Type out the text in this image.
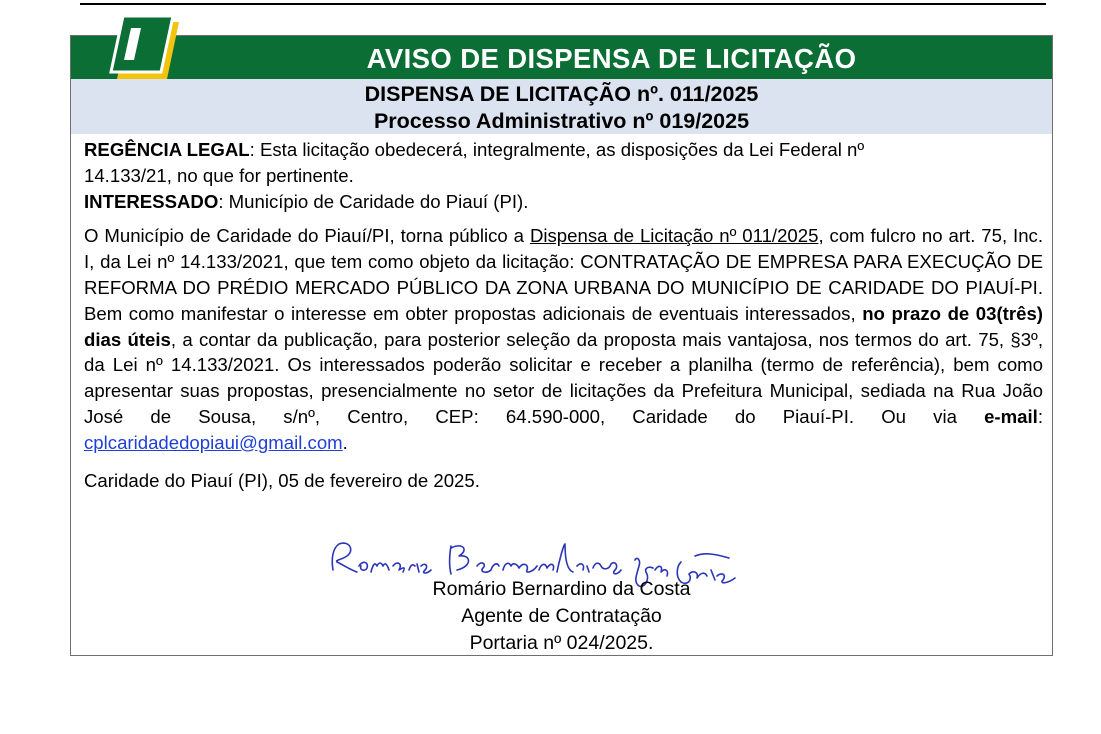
AVISO DE DISPENSA DE LICITAÇÃO
DISPENSA DE LICITAÇÃO nº. 011/2025
Processo Administrativo nº 019/2025

REGÊNCIA LEGAL: Esta licitação obedecerá, integralmente, as disposições da Lei Federal nº
14.133/21, no que for pertinente.

INTERESSADO: Município de Caridade do Piauí (PI).

O Município de Caridade do Piauí/PI, torna público a Dispensa de Licitação nº 011/2025, com fulcro no art. 75, Inc. I, da Lei nº 14.133/2021, que tem como objeto da licitação: CONTRATAÇÃO DE EMPRESA PARA EXECUÇÃO DE REFORMA DO PRÉDIO MERCADO PÚBLICO DA ZONA URBANA DO MUNICÍPIO DE CARIDADE DO PIAUÍ-PI. Bem como manifestar o interesse em obter propostas adicionais de eventuais interessados, no prazo de 03(três) dias úteis, a contar da publicação, para posterior seleção da proposta mais vantajosa, nos termos do art. 75, §3º, da Lei nº 14.133/2021. Os interessados poderão solicitar e receber a planilha (termo de referência), bem como apresentar suas propostas, presencialmente no setor de licitações da Prefeitura Municipal, sediada na Rua João José de Sousa, s/nº, Centro, CEP: 64.590-000, Caridade do Piauí-PI. Ou via e-mail: cplcaridadedopiaui@gmail.com.

Caridade do Piauí (PI), 05 de fevereiro de 2025.

Romário Bernardino da Costa
Agente de Contratação
Portaria nº 024/2025.
